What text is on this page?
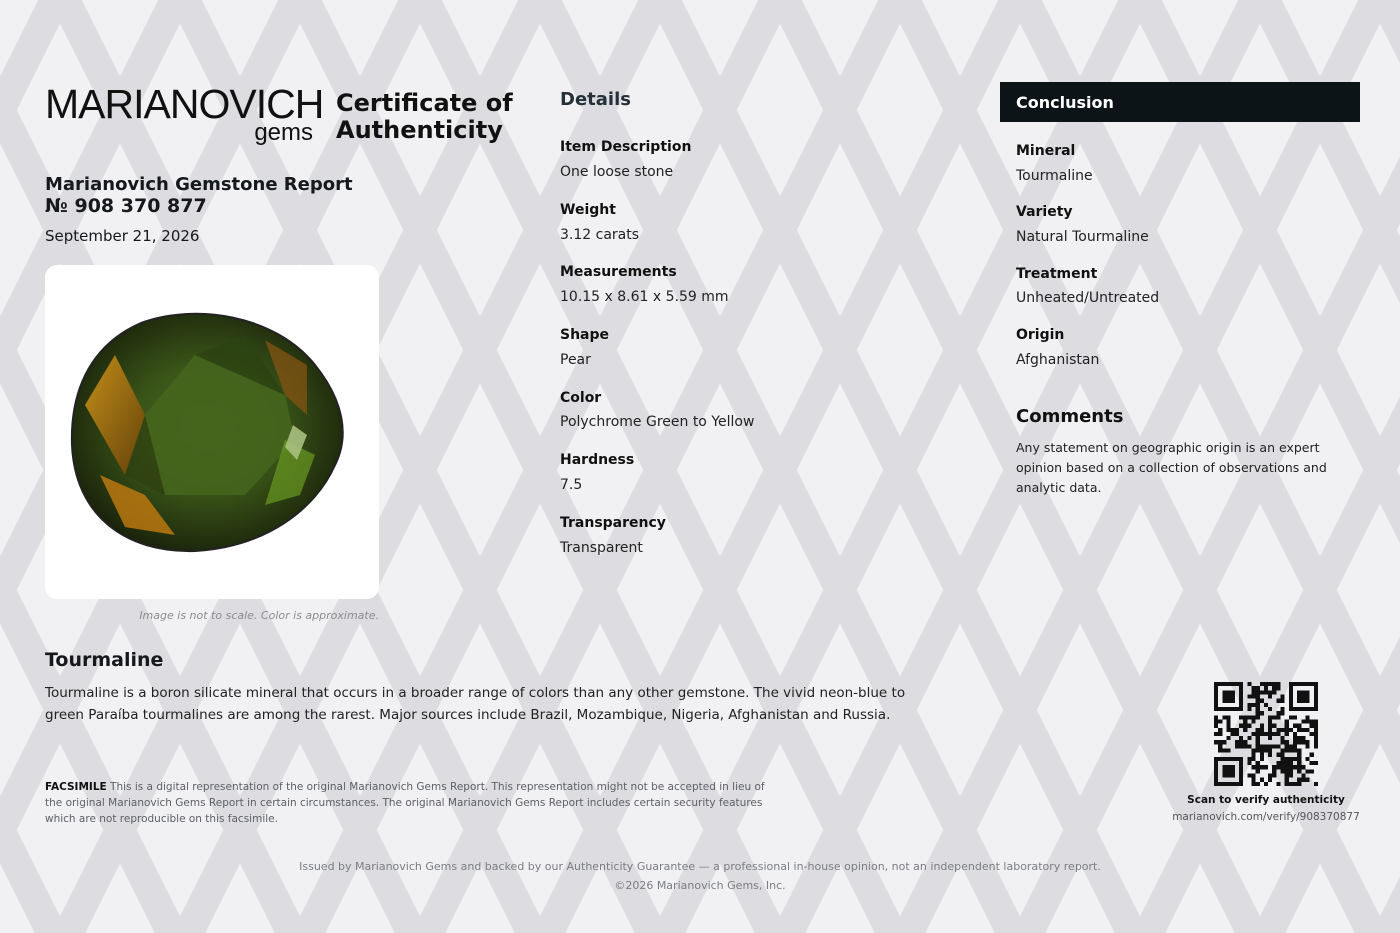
MARIANOVICH
gems
Certificate of Authenticity
Marianovich Gemstone Report
№ 908 370 877
September 21, 2026
Image is not to scale. Color is approximate.
Details
Item Description
One loose stone
Weight
3.12 carats
Measurements
10.15 x 8.61 x 5.59 mm
Shape
Pear
Color
Polychrome Green to Yellow
Hardness
7.5
Transparency
Transparent
Conclusion
Mineral
Tourmaline
Variety
Natural Tourmaline
Treatment
Unheated/Untreated
Origin
Afghanistan
Comments
Any statement on geographic origin is an expert opinion based on a collection of observations and analytic data.
Tourmaline
Tourmaline is a boron silicate mineral that occurs in a broader range of colors than any other gemstone. The vivid neon-blue to green Paraíba tourmalines are among the rarest. Major sources include Brazil, Mozambique, Nigeria, Afghanistan and Russia.
FACSIMILE This is a digital representation of the original Marianovich Gems Report. This representation might not be accepted in lieu of the original Marianovich Gems Report in certain circumstances. The original Marianovich Gems Report includes certain security features which are not reproducible on this facsimile.
Scan to verify authenticity
marianovich.com/verify/908370877
Issued by Marianovich Gems and backed by our Authenticity Guarantee — a professional in-house opinion, not an independent laboratory report.
©2026 Marianovich Gems, Inc.
